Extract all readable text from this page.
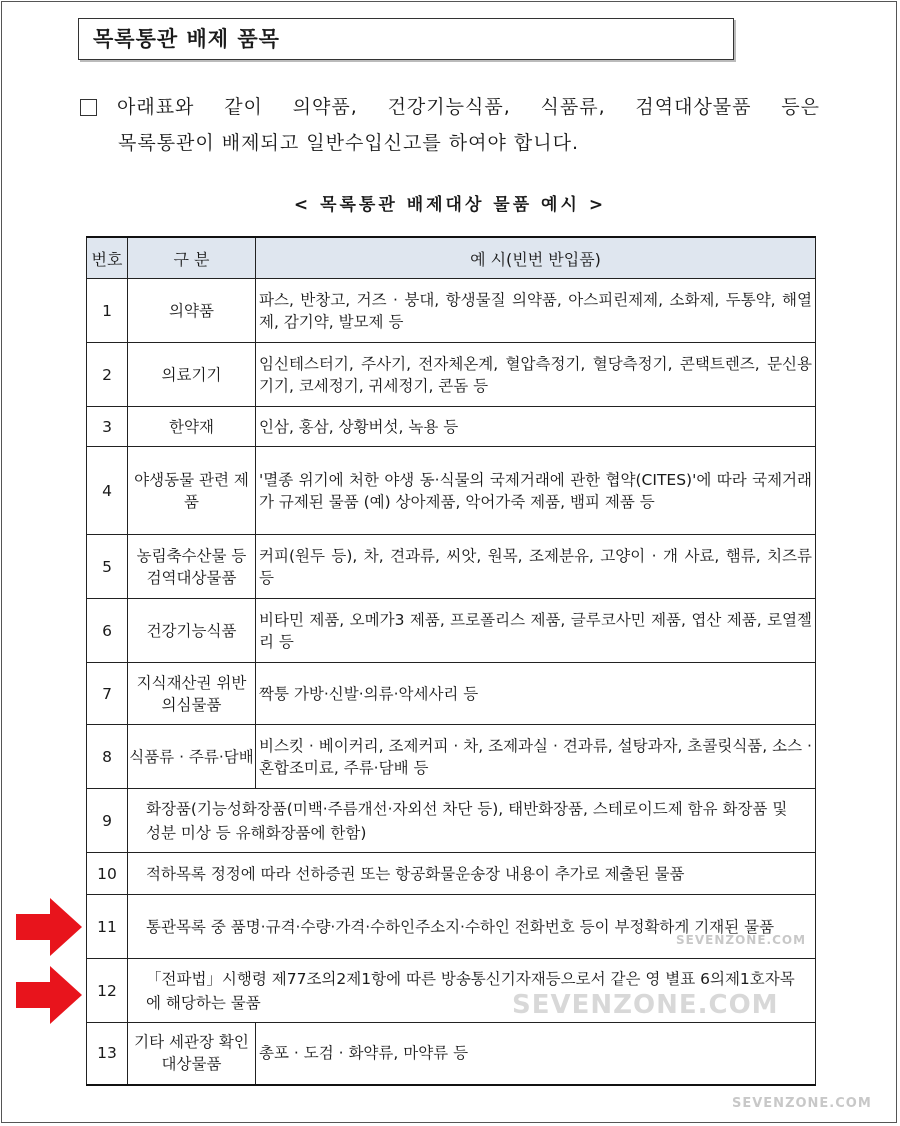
목록통관 배제 품목
아래표와 같이 의약품, 건강기능식품, 식품류, 검역대상물품 등은
목록통관이 배제되고 일반수입신고를 하여야 합니다.
< 목록통관 배제대상 물품 예시 >
번호	구 분	예 시(빈번 반입품)
1	의약품	파스, 반창고, 거즈 · 붕대, 항생물질 의약품, 아스피린제제, 소화제, 두통약, 해열제, 감기약, 발모제 등
2	의료기기	임신테스터기, 주사기, 전자체온계, 혈압측정기, 혈당측정기, 콘택트렌즈, 문신용기기, 코세정기, 귀세정기, 콘돔 등
3	한약재	인삼, 홍삼, 상황버섯, 녹용 등
4	야생동물 관련 제품	'멸종 위기에 처한 야생 동·식물의 국제거래에 관한 협약(CITES)'에 따라 국제거래가 규제된 물품 (예) 상아제품, 악어가죽 제품, 뱀피 제품 등
5	농림축수산물 등 검역대상물품	커피(원두 등), 차, 견과류, 씨앗, 원목, 조제분유, 고양이 · 개 사료, 햄류, 치즈류 등
6	건강기능식품	비타민 제품, 오메가3 제품, 프로폴리스 제품, 글루코사민 제품, 엽산 제품, 로열젤리 등
7	지식재산권 위반 의심물품	짝퉁 가방·신발·의류·악세사리 등
8	식품류 · 주류·담배	비스킷 · 베이커리, 조제커피 · 차, 조제과실 · 견과류, 설탕과자, 초콜릿식품, 소스 · 혼합조미료, 주류·담배 등
9	화장품(기능성화장품(미백·주름개선·자외선 차단 등), 태반화장품, 스테로이드제 함유 화장품 및 성분 미상 등 유해화장품에 한함)	
10	적하목록 정정에 따라 선하증권 또는 항공화물운송장 내용이 추가로 제출된 물품	
11	통관목록 중 품명·규격·수량·가격·수하인주소지·수하인 전화번호 등이 부정확하게 기재된 물품	
12	「전파법」시행령 제77조의2제1항에 따른 방송통신기자재등으로서 같은 영 별표 6의제1호자목에 해당하는 물품	
13	기타 세관장 확인대상물품	총포 · 도검 · 화약류, 마약류 등
SEVENZONE.COM
SEVENZONE.COM
SEVENZONE.COM
